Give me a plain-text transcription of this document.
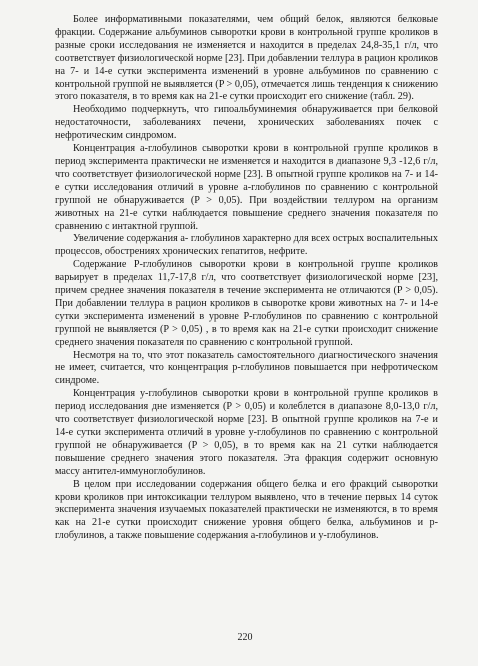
Более информативными показателями, чем общий белок, являются белковые фракции. Содержание альбуминов сыворотки крови в контрольной группе кроликов в разные сроки исследования не изменяется и находится в пределах 24,8-35,1 г/л, что соответствует физиологической норме [23]. При добавлении теллура в рацион кроликов на 7- и 14-е сутки эксперимента изменений в уровне альбуминов по сравнению с контрольной группой не выявляется (P > 0,05), отмечается лишь тенденция к снижению этого показателя, в то время как на 21-е сутки происходит его снижение (табл. 29).

Необходимо подчеркнуть, что гипоальбуминемия обнаруживается при белковой недостаточности, заболеваниях печени, хронических заболеваниях почек с нефротическим синдромом.

Концентрация a-глобулинов сыворотки крови в контрольной группе кроликов в период эксперимента практически не изменяется и находится в диапазоне 9,3 -12,6 г/л, что соответствует физиологической норме [23]. В опытной группе кроликов на 7- и 14-е сутки исследования отличий в уровне a-глобулинов по сравнению с контрольной группой не обнаруживается (P > 0,05). При воздействии теллуром на организм животных на 21-е сутки наблюдается повышение среднего значения показателя по сравнению с интактной группой.

Увеличение содержания a- глобулинов характерно для всех острых воспалительных процессов, обострениях хронических гепатитов, нефрите.

Содержание Р-глобулинов сыворотки крови в контрольной группе кроликов варьирует в пределах 11,7-17,8 г/л, что соответствует физиологической норме [23], причем среднее значения показателя в течение эксперимента не отличаются (P > 0,05). При добавлении теллура в рацион кроликов в сыворотке крови животных на 7- и 14-е сутки эксперимента изменений в уровне Р-глобулинов по сравнению с контрольной группой не выявляется (P > 0,05) , в то время как на 21-е сутки происходит снижение среднего значения показателя по сравнению с контрольной группой.

Несмотря на то, что этот показатель самостоятельного диагностического значения не имеет, считается, что концентрация р-глобулинов повышается при нефротическом синдроме.

Концентрация у-глобулинов сыворотки крови в контрольной группе кроликов в период исследования дне изменяется (P > 0,05) и колеблется в диапазоне 8,0-13,0 г/л, что соответствует физиологической норме [23]. В опытной группе кроликов на 7-е и 14-е сутки эксперимента отличий в уровне у-глобулинов по сравнению с контрольной группой не обнаруживается (P > 0,05), в то время как на 21 сутки наблюдается повышение среднего значения этого показателя. Эта фракция содержит основную массу антител-иммуноглобулинов.

В целом при исследовании содержания общего белка и его фракций сыворотки крови кроликов при интоксикации теллуром выявлено, что в течение первых 14 суток эксперимента значения изучаемых показателей практически не изменяются, в то время как на 21-е сутки происходит снижение уровня общего белка, альбуминов и р-глобулинов, а также повышение содержания a-глобулинов и у-глобулинов.

220
